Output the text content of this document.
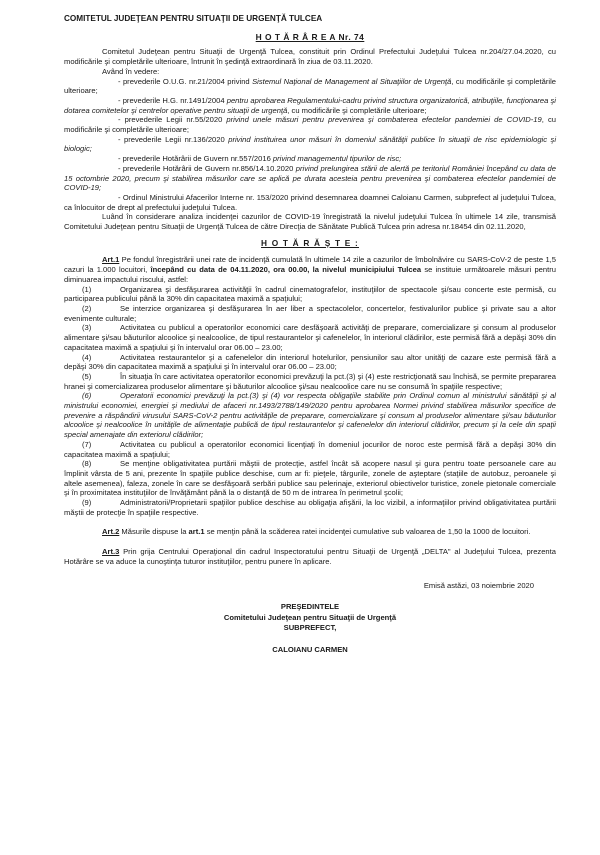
COMITETUL JUDEŢEAN PENTRU SITUAŢII DE URGENŢĂ TULCEA
H O T Ă R Â R E A Nr. 74

Comitetul Judeţean pentru Situaţii de Urgenţă Tulcea, constituit prin Ordinul Prefectului Judeţului Tulcea nr.204/27.04.2020, cu modificările şi completările ulterioare, întrunit în şedinţă extraordinară în ziua de 03.11.2020.

Având în vedere:

- prevederile O.U.G. nr.21/2004 privind Sistemul Naţional de Management al Situaţiilor de Urgenţă, cu modificările şi completările ulterioare;

- prevederile H.G. nr.1491/2004 pentru aprobarea Regulamentului-cadru privind structura organizatorică, atribuţiile, funcţionarea şi dotarea comitetelor şi centrelor operative pentru situaţii de urgenţă, cu modificările şi completările ulterioare;

- prevederile Legii nr.55/2020 privind unele măsuri pentru prevenirea şi combaterea efectelor pandemiei de COVID-19, cu modificările şi completările ulterioare;

- prevederile Legii nr.136/2020 privind instituirea unor măsuri în domeniul sănătăţii publice în situaţii de risc epidemiologic şi biologic;

- prevederile Hotărârii de Guvern nr.557/2016 privind managementul tipurilor de risc;

- prevederile Hotărârii de Guvern nr.856/14.10.2020 privind prelungirea stării de alertă pe teritoriul României începând cu data de 15 octombrie 2020, precum şi stabilirea măsurilor care se aplică pe durata acesteia pentru prevenirea şi combaterea efectelor pandemiei de COVID-19;

- Ordinul Ministrului Afacerilor Interne nr. 153/2020 privind desemnarea doamnei Caloianu Carmen, subprefect al judeţului Tulcea, ca înlocuitor de drept al prefectului judeţului Tulcea.

Luând în considerare analiza incidenţei cazurilor de COVID-19 înregistrată la nivelul judeţului Tulcea în ultimele 14 zile, transmisă Comitetului Judeţean pentru Situaţii de Urgenţă Tulcea de către Direcţia de Sănătate Publică Tulcea prin adresa nr.18454 din 02.11.2020,

H O T Ă R Ă Ş T E :

Art.1 Pe fondul înregistrării unei rate de incidenţă cumulată în ultimele 14 zile a cazurilor de îmbolnăvire cu SARS-CoV-2 de peste 1,5 cazuri la 1.000 locuitori, începând cu data de 04.11.2020, ora 00.00, la nivelul municipiului Tulcea se instituie următoarele măsuri pentru diminuarea impactului riscului, astfel:

(1)	Organizarea şi desfăşurarea activităţii în cadrul cinematografelor, instituţiilor de spectacole şi/sau concerte este permisă, cu participarea publicului până la 30% din capacitatea maximă a spaţiului;

(2)	Se interzice organizarea şi desfăşurarea în aer liber a spectacolelor, concertelor, festivalurilor publice şi private sau a altor evenimente culturale;

(3)	Activitatea cu publicul a operatorilor economici care desfăşoară activităţi de preparare, comercializare şi consum al produselor alimentare şi/sau băuturilor alcoolice şi nealcoolice, de tipul restaurantelor şi cafenelelor, în interiorul clădirilor, este permisă fără a depăşi 30% din capacitatea maximă a spaţiului şi în intervalul orar 06.00 – 23.00;

(4)	Activitatea restaurantelor şi a cafenelelor din interiorul hotelurilor, pensiunilor sau altor unităţi de cazare este permisă fără a depăşi 30% din capacitatea maximă a spaţiului şi în intervalul orar 06.00 – 23.00;

(5)	În situaţia în care activitatea operatorilor economici prevăzuţi la pct.(3) şi (4) este restricţionată sau închisă, se permite prepararea hranei şi comercializarea produselor alimentare şi băuturilor alcoolice şi/sau nealcoolice care nu se consumă în spaţiile respective;

(6)	Operatorii economici prevăzuţi la pct.(3) şi (4) vor respecta obligaţiile stabilite prin Ordinul comun al ministrului sănătăţii şi al ministrului economiei, energiei şi mediului de afaceri nr.1493/2788/149/2020 pentru aprobarea Normei privind stabilirea măsurilor specifice de prevenire a răspândirii virusului SARS-CoV-2 pentru activităţile de preparare, comercializare şi consum al produselor alimentare şi/sau băuturilor alcoolice şi nealcoolice în unităţile de alimentaţie publică de tipul restaurantelor şi cafenelelor din interiorul clădirilor, precum şi la cele din spaţii special amenajate din exteriorul clădirilor;

(7)	Activitatea cu publicul a operatorilor economici licenţiaţi în domeniul jocurilor de noroc este permisă fără a depăşi 30% din capacitatea maximă a spaţiului;

(8)	Se menţine obligativitatea purtării măştii de protecţie, astfel încât să acopere nasul şi gura pentru toate persoanele care au împlinit vârsta de 5 ani, prezente în spaţiile publice deschise, cum ar fi: pieţele, târgurile, zonele de aşteptare (staţiile de autobuz, peroanele şi altele asemenea), faleza, zonele în care se desfăşoară serbări publice sau pelerinaje, exteriorul obiectivelor turistice, zonele pietonale comerciale şi în proximitatea instituţiilor de învăţământ până la o distanţă de 50 m de intrarea în perimetrul şcolii;

(9)	Administratorii/Proprietarii spaţiilor publice deschise au obligaţia afişării, la loc vizibil, a informaţiilor privind obligativitatea purtării măştii de protecţie în spaţiile respective.

Art.2 Măsurile dispuse la art.1 se menţin până la scăderea ratei incidenţei cumulative sub valoarea de 1,50 la 1000 de locuitori.

Art.3 Prin grija Centrului Operaţional din cadrul Inspectoratului pentru Situaţii de Urgenţă „DELTA" al Judeţului Tulcea, prezenta Hotărâre se va aduce la cunoştinţa tuturor instituţiilor, pentru punere în aplicare.

Emisă astăzi, 03 noiembrie 2020
PREŞEDINTELE
Comitetului Judeţean pentru Situaţii de Urgenţă
SUBPREFECT,
CALOIANU CARMEN
